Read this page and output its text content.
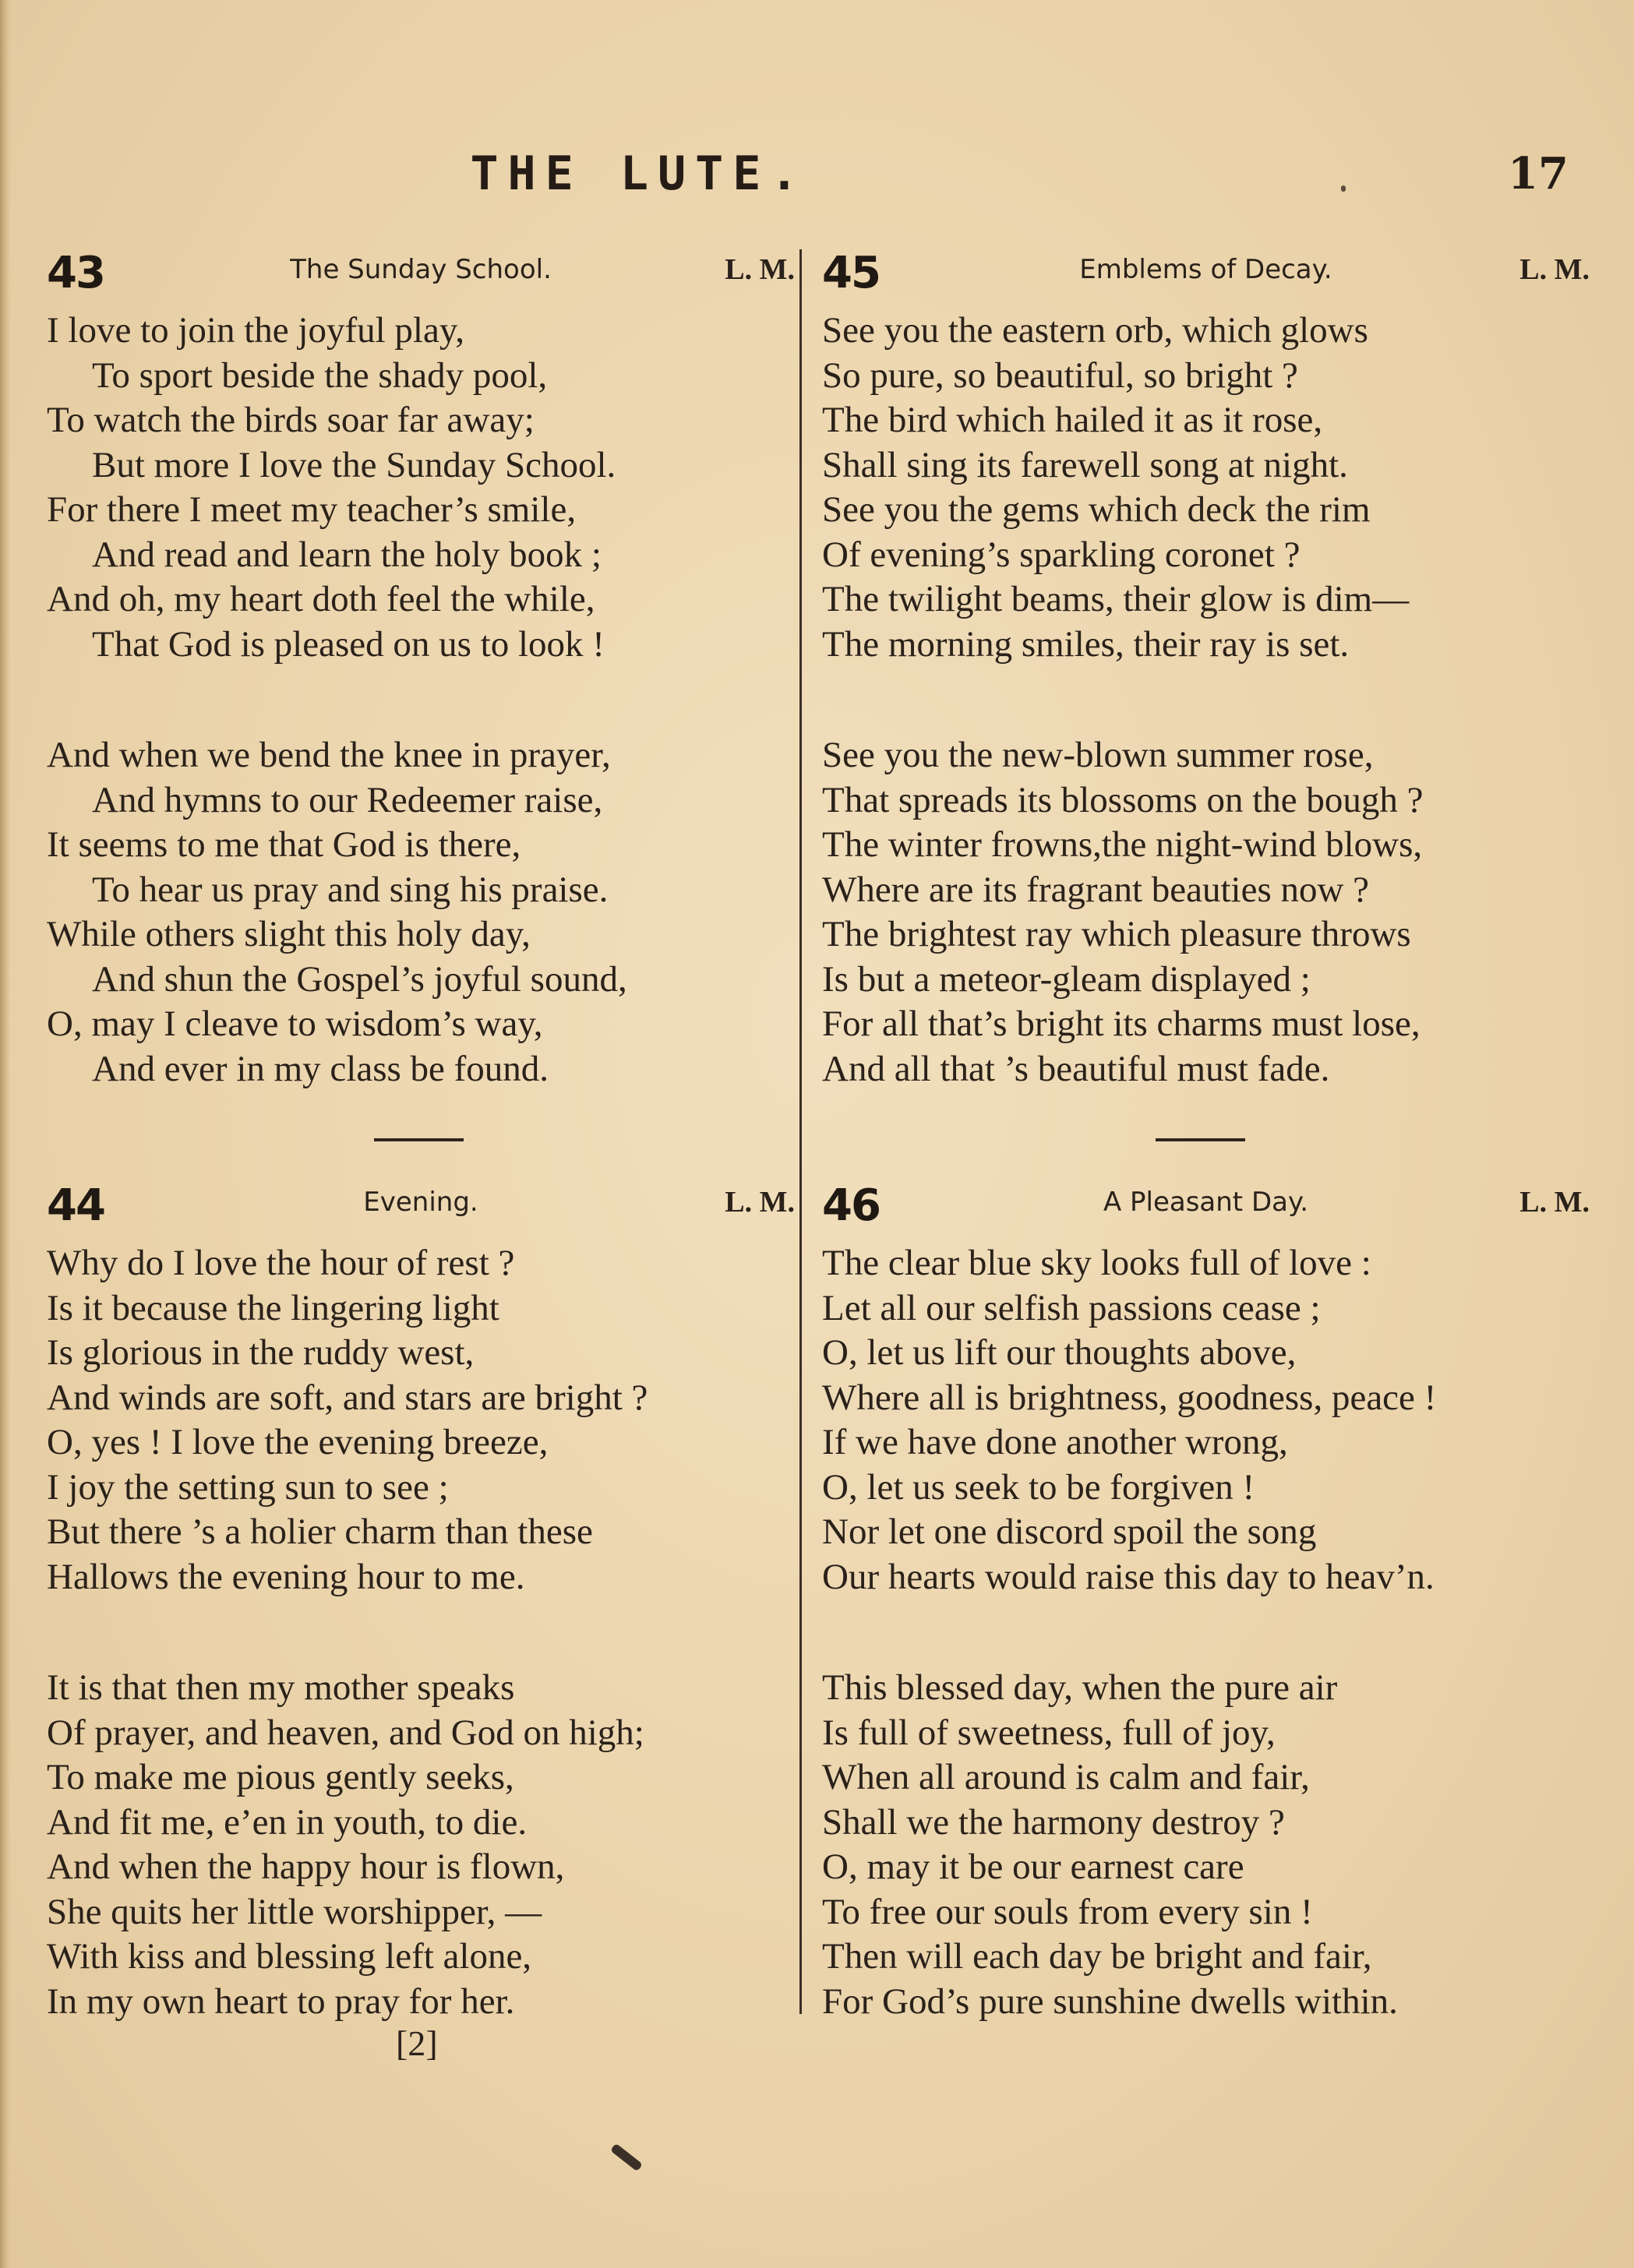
THE LUTE.	17
43	The Sunday School.	L. M.
I love to join the joyful play,
To sport beside the shady pool,
To watch the birds soar far away;
But more I love the Sunday School.
For there I meet my teacher’s smile,
And read and learn the holy book ;
And oh, my heart doth feel the while,
That God is pleased on us to look !
And when we bend the knee in prayer,
And hymns to our Redeemer raise,
It seems to me that God is there,
To hear us pray and sing his praise.
While others slight this holy day,
And shun the Gospel’s joyful sound,
O, may I cleave to wisdom’s way,
And ever in my class be found.
44	Evening.	L. M.
Why do I love the hour of rest ?
Is it because the lingering light
Is glorious in the ruddy west,
And winds are soft, and stars are bright ?
O, yes ! I love the evening breeze,
I joy the setting sun to see ;
But there ’s a holier charm than these
Hallows the evening hour to me.
It is that then my mother speaks
Of prayer, and heaven, and God on high;
To make me pious gently seeks,
And fit me, e’en in youth, to die.
And when the happy hour is flown,
She quits her little worshipper, —
With kiss and blessing left alone,
In my own heart to pray for her.
45	Emblems of Decay.	L. M.
See you the eastern orb, which glows
So pure, so beautiful, so bright ?
The bird which hailed it as it rose,
Shall sing its farewell song at night.
See you the gems which deck the rim
Of evening’s sparkling coronet ?
The twilight beams, their glow is dim—
The morning smiles, their ray is set.
See you the new-blown summer rose,
That spreads its blossoms on the bough ?
The winter frowns,the night-wind blows,
Where are its fragrant beauties now ?
The brightest ray which pleasure throws
Is but a meteor-gleam displayed ;
For all that’s bright its charms must lose,
And all that ’s beautiful must fade.
46	A Pleasant Day.	L. M.
The clear blue sky looks full of love :
Let all our selfish passions cease ;
O, let us lift our thoughts above,
Where all is brightness, goodness, peace !
If we have done another wrong,
O, let us seek to be forgiven !
Nor let one discord spoil the song
Our hearts would raise this day to heav’n.
This blessed day, when the pure air
Is full of sweetness, full of joy,
When all around is calm and fair,
Shall we the harmony destroy ?
O, may it be our earnest care
To free our souls from every sin !
Then will each day be bright and fair,
For God’s pure sunshine dwells within.
[2]
